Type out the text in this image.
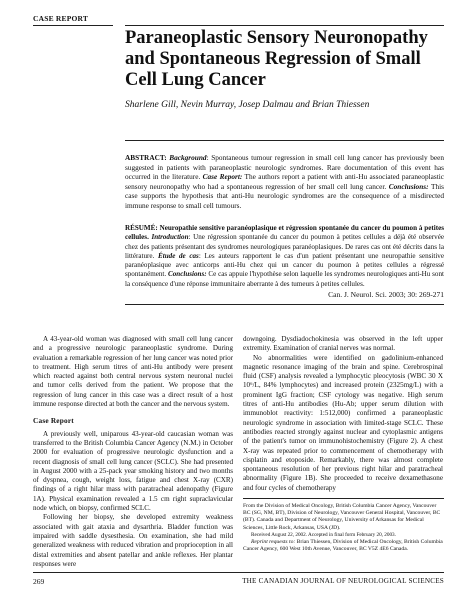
CASE REPORT
Paraneoplastic Sensory Neuronopathy and Spontaneous Regression of Small Cell Lung Cancer
Sharlene Gill, Nevin Murray, Josep Dalmau and Brian Thiessen
ABSTRACT: Background: Spontaneous tumour regression in small cell lung cancer has previously been suggested in patients with paraneoplastic neurologic syndromes. Rare documentation of this event has occurred in the literature. Case Report: The authors report a patient with anti-Hu associated paraneoplastic sensory neuronopathy who had a spontaneous regression of her small cell lung cancer. Conclusions: This case supports the hypothesis that anti-Hu neurologic syndromes are the consequence of a misdirected immune response to small cell tumours.
RÉSUMÉ: Neuropathie sensitive paranéoplasique et régression spontanée du cancer du poumon à petites cellules. Introduction: Une régression spontanée du cancer du poumon à petites cellules a déjà été observée chez des patients présentant des syndromes neurologiques paranéoplasiques. De rares cas ont été décrits dans la littérature. Étude de cas: Les auteurs rapportent le cas d'un patient présentant une neuropathie sensitive paranéoplasique avec anticorps anti-Hu chez qui un cancer du poumon à petites cellules a régressé spontanément. Conclusions: Ce cas appuie l'hypothèse selon laquelle les syndromes neurologiques anti-Hu sont la conséquence d'une réponse immunitaire aberrante à des tumeurs à petites cellules.
Can. J. Neurol. Sci. 2003; 30: 269-271

A 43-year-old woman was diagnosed with small cell lung cancer and a progressive neurologic paraneoplastic syndrome. During evaluation a remarkable regression of her lung cancer was noted prior to treatment. High serum titres of anti-Hu antibody were present which reacted against both central nervous system neuronal nuclei and tumor cells derived from the patient. We propose that the regression of lung cancer in this case was a direct result of a host immune response directed at both the cancer and the nervous system.

Case Report

A previously well, uniparous 43-year-old caucasian woman was transferred to the British Columbia Cancer Agency (N.M.) in October 2000 for evaluation of progressive neurologic dysfunction and a recent diagnosis of small cell lung cancer (SCLC). She had presented in August 2000 with a 25-pack year smoking history and two months of dyspnea, cough, weight loss, fatigue and chest X-ray (CXR) findings of a right hilar mass with paratracheal adenopathy (Figure 1A). Physical examination revealed a 1.5 cm right supraclavicular node which, on biopsy, confirmed SCLC.

Following her biopsy, she developed extremity weakness associated with gait ataxia and dysarthria. Bladder function was impaired with saddle dysesthesia. On examination, she had mild generalized weakness with reduced vibration and proprioception in all distal extremities and absent patellar and ankle reflexes. Her plantar responses were

downgoing. Dysdiadochokinesia was observed in the left upper extremity. Examination of cranial nerves was normal.

No abnormalities were identified on gadolinium-enhanced magnetic resonance imaging of the brain and spine. Cerebrospinal fluid (CSF) analysis revealed a lymphocytic pleocytosis (WBC 30 X 10⁶/L, 84% lymphocytes) and increased protein (2325mg/L) with a prominent IgG fraction; CSF cytology was negative. High serum titres of anti-Hu antibodies (Hu-Ab; upper serum dilution with immunoblot reactivity: 1:512,000) confirmed a paraneoplastic neurologic syndrome in association with limited-stage SCLC. These antibodies reacted strongly against nuclear and cytoplasmic antigens of the patient's tumor on immunohistochemistry (Figure 2). A chest X-ray was repeated prior to commencement of chemotherapy with cisplatin and etoposide. Remarkably, there was almost complete spontaneous resolution of her previous right hilar and paratracheal abnormality (Figure 1B). She proceeded to receive dexamethasone and four cycles of chemotherapy

From the Division of Medical Oncology, British Columbia Cancer Agency, Vancouver BC (SG, NM, BT), Division of Neurology, Vancouver General Hospital, Vancouver, BC (BT). Canada and Department of Neurology, University of Arkansas for Medical Sciences, Little Rock, Arkansas, USA (JD).

Received August 22, 2002. Accepted in final form February 20, 2003.

Reprint requests to: Brian Thiessen, Division of Medical Oncology, British Columbia Cancer Agency, 600 West 10th Avenue, Vancouver, BC V5Z 4E6 Canada.

269	THE CANADIAN JOURNAL OF NEUROLOGICAL SCIENCES
